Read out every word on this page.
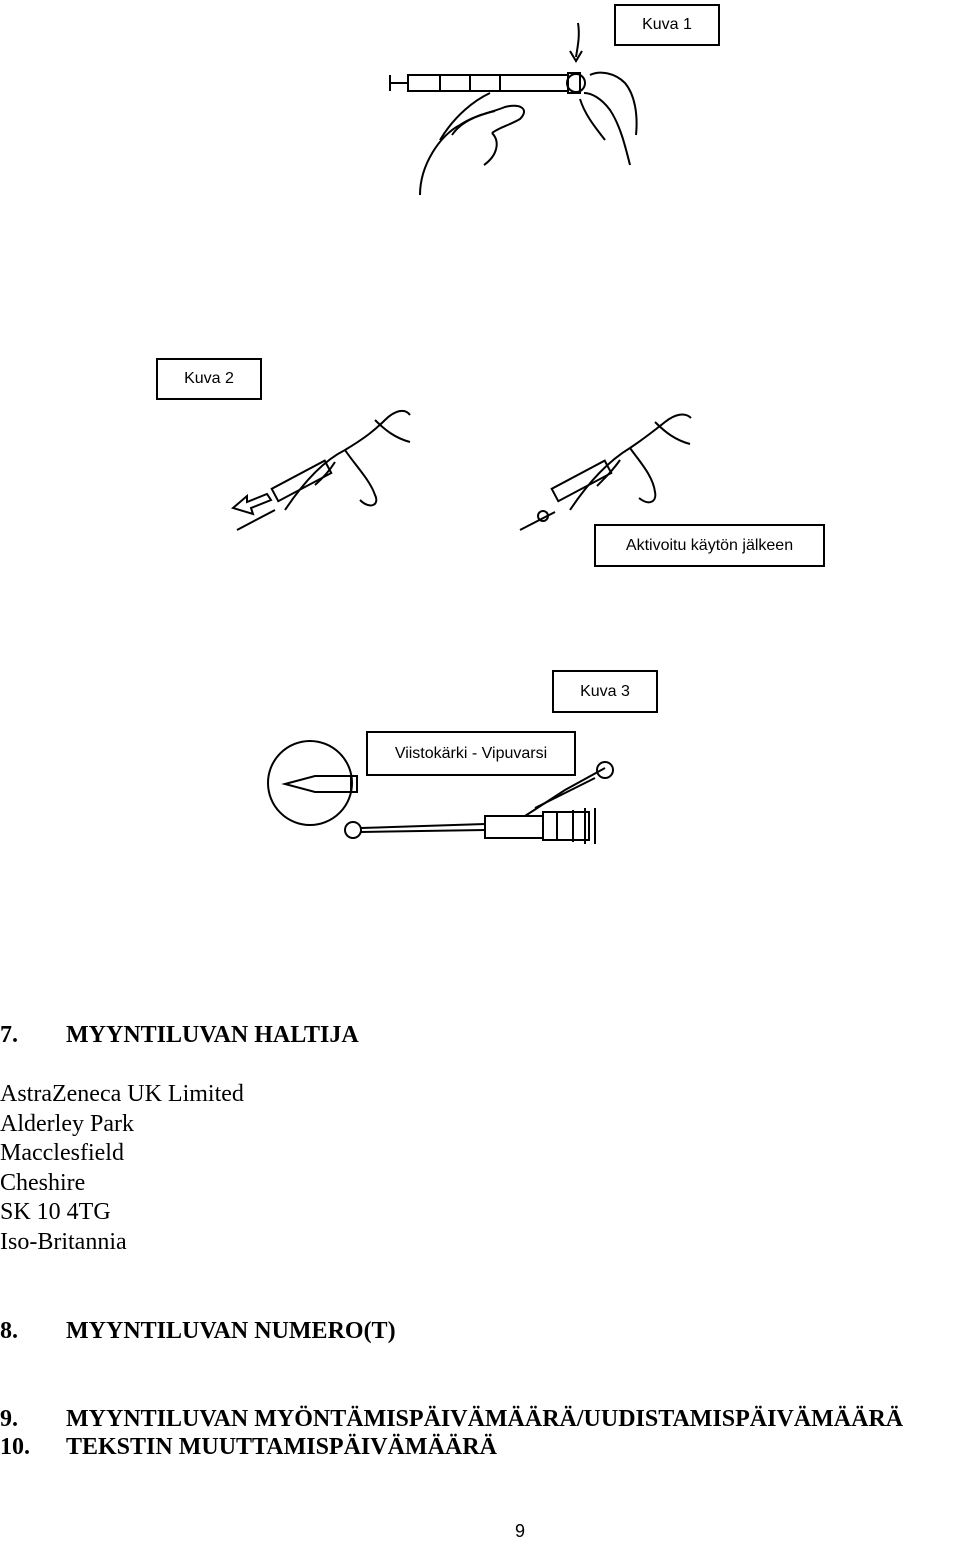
Kuva 1
Kuva 2
Aktivoitu käytön jälkeen
Kuva 3
Viistokärki - Vipuvarsi
7. MYYNTILUVAN HALTIJA
AstraZeneca UK Limited
Alderley Park
Macclesfield
Cheshire
SK 10 4TG
Iso-Britannia
8. MYYNTILUVAN NUMERO(T)
9. MYYNTILUVAN MYÖNTÄMISPÄIVÄMÄÄRÄ/UUDISTAMISPÄIVÄMÄÄRÄ
10. TEKSTIN MUUTTAMISPÄIVÄMÄÄRÄ
9
